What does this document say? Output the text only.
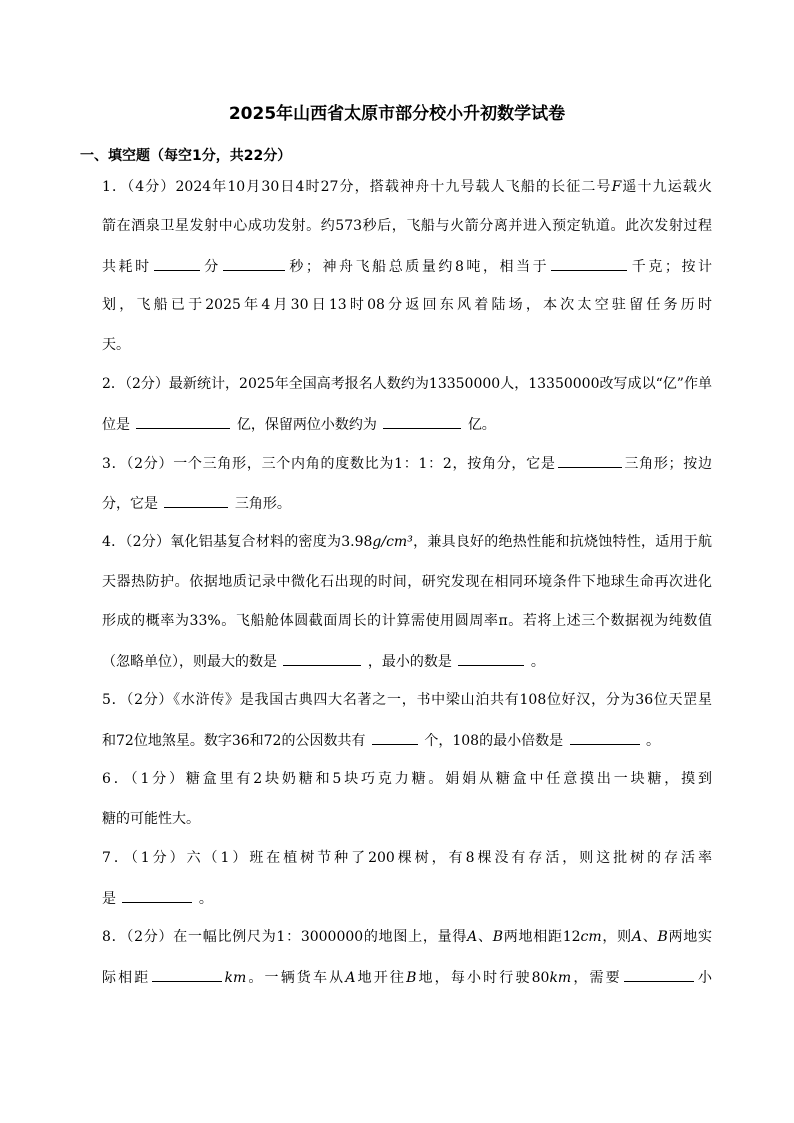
2025年山西省太原市部分校小升初数学试卷
一、填空题（每空1分，共22分）
1．（4分）2024年10月30日4时27分，搭载神舟十九号载人飞船的长征二号F遥十九运载火
箭在酒泉卫星发射中心成功发射。约573秒后，飞船与火箭分离并进入预定轨道。此次发射过程
共耗时	分	秒；神舟飞船总质量约8吨，相当于	千克；按计
划，飞船已于2025年4月30日13时08分返回东风着陆场，本次太空驻留任务历时
天。
2．（2分）最新统计，2025年全国高考报名人数约为13350000人，13350000改写成以“亿”作单
位是	亿，保留两位小数约为	亿。
3．（2分）一个三角形，三个内角的度数比为1：1：2，按角分，它是	三角形；按边
分，它是	三角形。
4．（2分）氧化铝基复合材料的密度为3.98g/cm³，兼具良好的绝热性能和抗烧蚀特性，适用于航
天器热防护。依据地质记录中微化石出现的时间，研究发现在相同环境条件下地球生命再次进化
形成的概率为33%。飞船舱体圆截面周长的计算需使用圆周率π。若将上述三个数据视为纯数值
（忽略单位），则最大的数是	，最小的数是	。
5．（2分）《水浒传》是我国古典四大名著之一，书中梁山泊共有108位好汉，分为36位天罡星
和72位地煞星。数字36和72的公因数共有	个，108的最小倍数是	。
6．（1分）糖盒里有2块奶糖和5块巧克力糖。娟娟从糖盒中任意摸出一块糖，摸到
糖的可能性大。
7．（1分）六（1）班在植树节种了200棵树，有8棵没有存活，则这批树的存活率
是	。
8．（2分）在一幅比例尺为1：3000000的地图上，量得A、B两地相距12cm，则A、B两地实
际相距	km。一辆货车从A地开往B地，每小时行驶80km，需要	小
